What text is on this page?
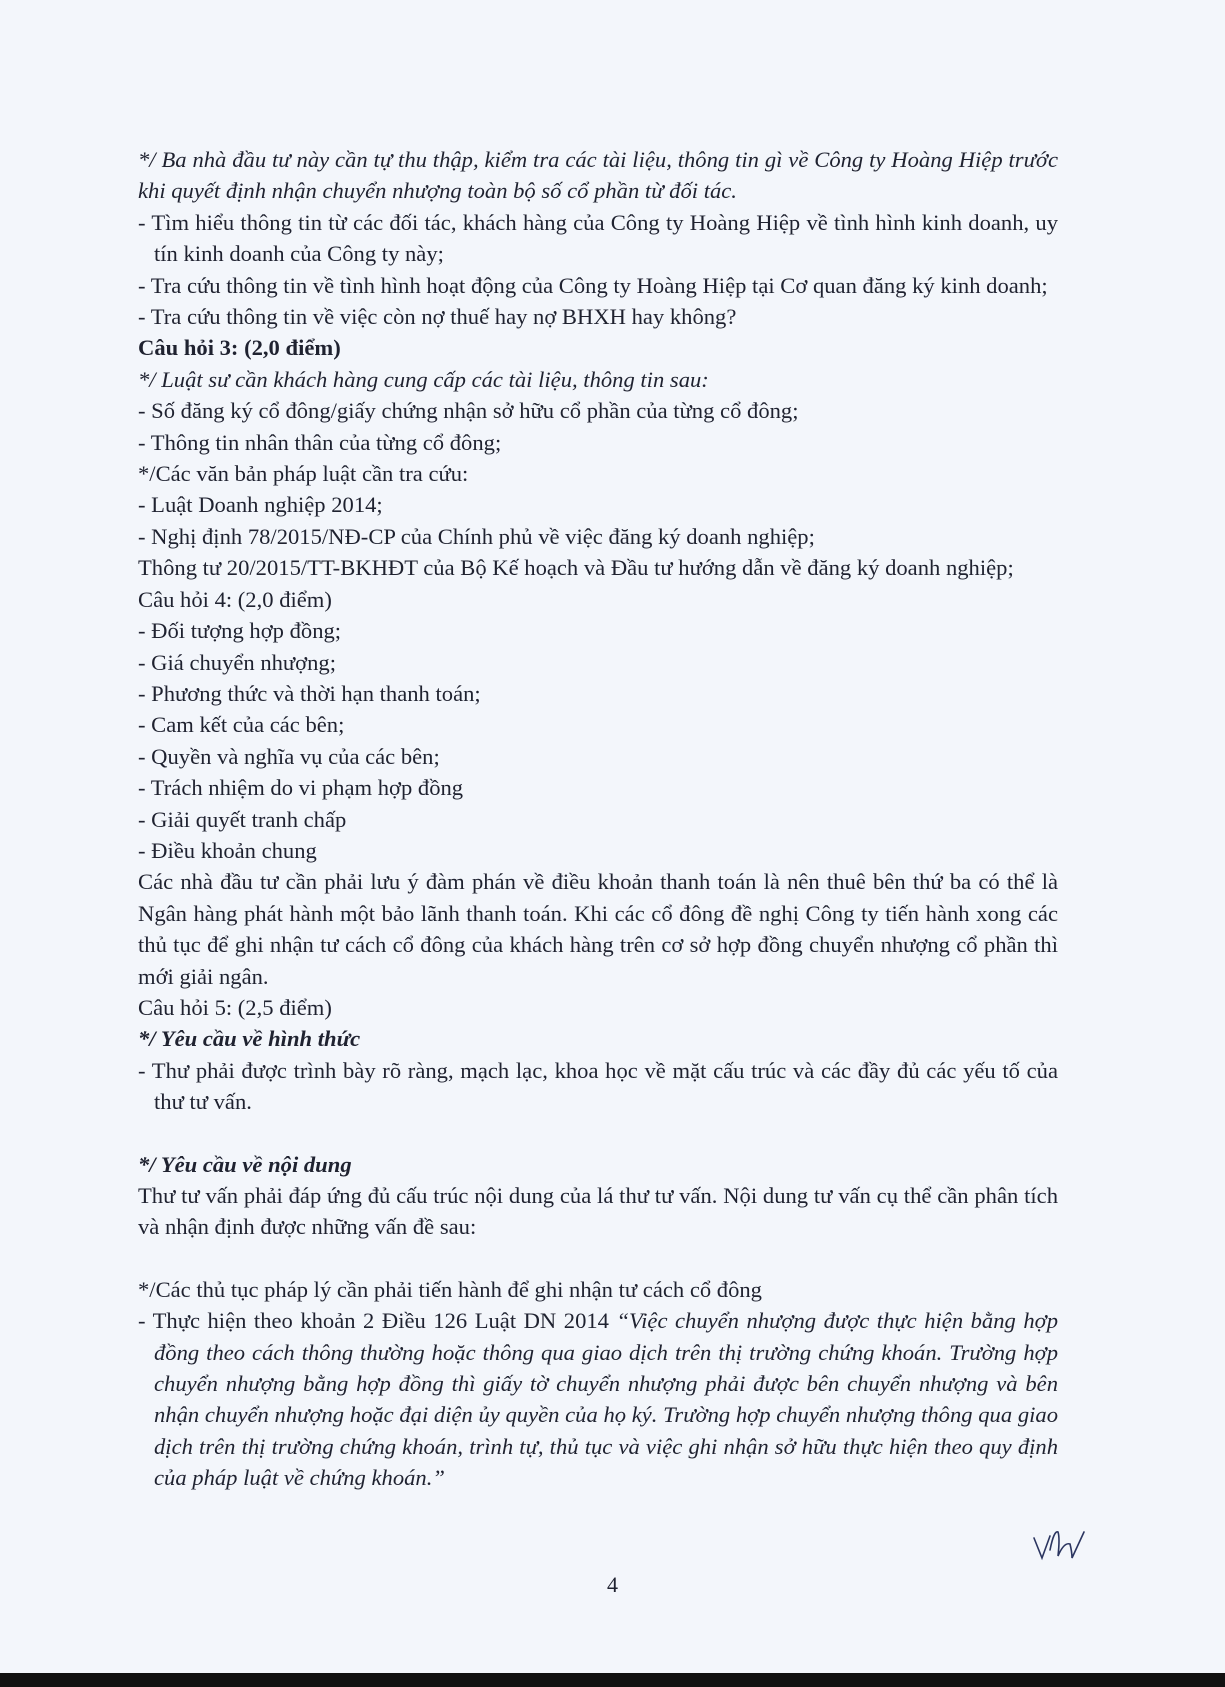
*/ Ba nhà đầu tư này cần tự thu thập, kiểm tra các tài liệu, thông tin gì về Công ty Hoàng Hiệp trước khi quyết định nhận chuyển nhượng toàn bộ số cổ phần từ đối tác.

- Tìm hiểu thông tin từ các đối tác, khách hàng của Công ty Hoàng Hiệp về tình hình kinh doanh, uy tín kinh doanh của Công ty này;

- Tra cứu thông tin về tình hình hoạt động của Công ty Hoàng Hiệp tại Cơ quan đăng ký kinh doanh;

- Tra cứu thông tin về việc còn nợ thuế hay nợ BHXH hay không?

Câu hỏi 3: (2,0 điểm)

*/ Luật sư cần khách hàng cung cấp các tài liệu, thông tin sau:

- Số đăng ký cổ đông/giấy chứng nhận sở hữu cổ phần của từng cổ đông;

- Thông tin nhân thân của từng cổ đông;

*/Các văn bản pháp luật cần tra cứu:

- Luật Doanh nghiệp 2014;

- Nghị định 78/2015/NĐ-CP của Chính phủ về việc đăng ký doanh nghiệp;

Thông tư 20/2015/TT-BKHĐT của Bộ Kế hoạch và Đầu tư hướng dẫn về đăng ký doanh nghiệp;

Câu hỏi 4: (2,0 điểm)

- Đối tượng hợp đồng;

- Giá chuyển nhượng;

- Phương thức và thời hạn thanh toán;

- Cam kết của các bên;

- Quyền và nghĩa vụ của các bên;

- Trách nhiệm do vi phạm hợp đồng

- Giải quyết tranh chấp

- Điều khoản chung

Các nhà đầu tư cần phải lưu ý đàm phán về điều khoản thanh toán là nên thuê bên thứ ba có thể là Ngân hàng phát hành một bảo lãnh thanh toán. Khi các cổ đông đề nghị Công ty tiến hành xong các thủ tục để ghi nhận tư cách cổ đông của khách hàng trên cơ sở hợp đồng chuyển nhượng cổ phần thì mới giải ngân.

Câu hỏi 5: (2,5 điểm)

*/ Yêu cầu về hình thức

- Thư phải được trình bày rõ ràng, mạch lạc, khoa học về mặt cấu trúc và các đầy đủ các yếu tố của thư tư vấn.

*/ Yêu cầu về nội dung

Thư tư vấn phải đáp ứng đủ cấu trúc nội dung của lá thư tư vấn. Nội dung tư vấn cụ thể cần phân tích và nhận định được những vấn đề sau:

*/Các thủ tục pháp lý cần phải tiến hành để ghi nhận tư cách cổ đông

- Thực hiện theo khoản 2 Điều 126 Luật DN 2014 “Việc chuyển nhượng được thực hiện bằng hợp đồng theo cách thông thường hoặc thông qua giao dịch trên thị trường chứng khoán. Trường hợp chuyển nhượng bằng hợp đồng thì giấy tờ chuyển nhượng phải được bên chuyển nhượng và bên nhận chuyển nhượng hoặc đại diện ủy quyền của họ ký. Trường hợp chuyển nhượng thông qua giao dịch trên thị trường chứng khoán, trình tự, thủ tục và việc ghi nhận sở hữu thực hiện theo quy định của pháp luật về chứng khoán.”

4
